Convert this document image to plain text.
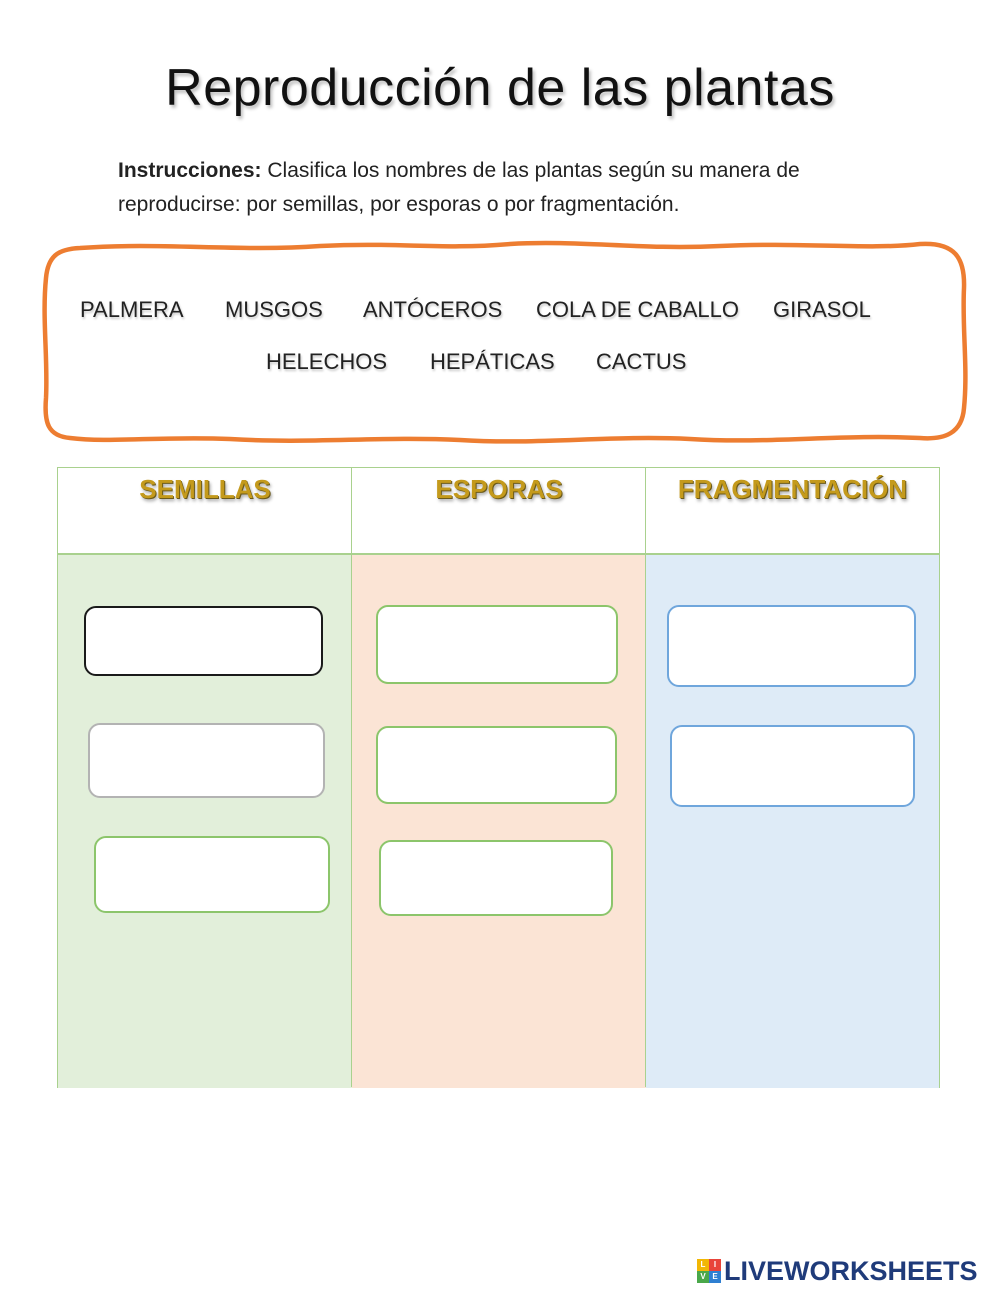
Reproducción de las plantas
Instrucciones: Clasifica los nombres de las plantas según su manera de reproducirse: por semillas, por esporas o por fragmentación.
PALMERA MUSGOS ANTÓCEROS COLA DE CABALLO GIRASOL
HELECHOS HEPÁTICAS CACTUS
SEMILLAS	ESPORAS	FRAGMENTACIÓN
L	I
V E LIVEWORKSHEETS
